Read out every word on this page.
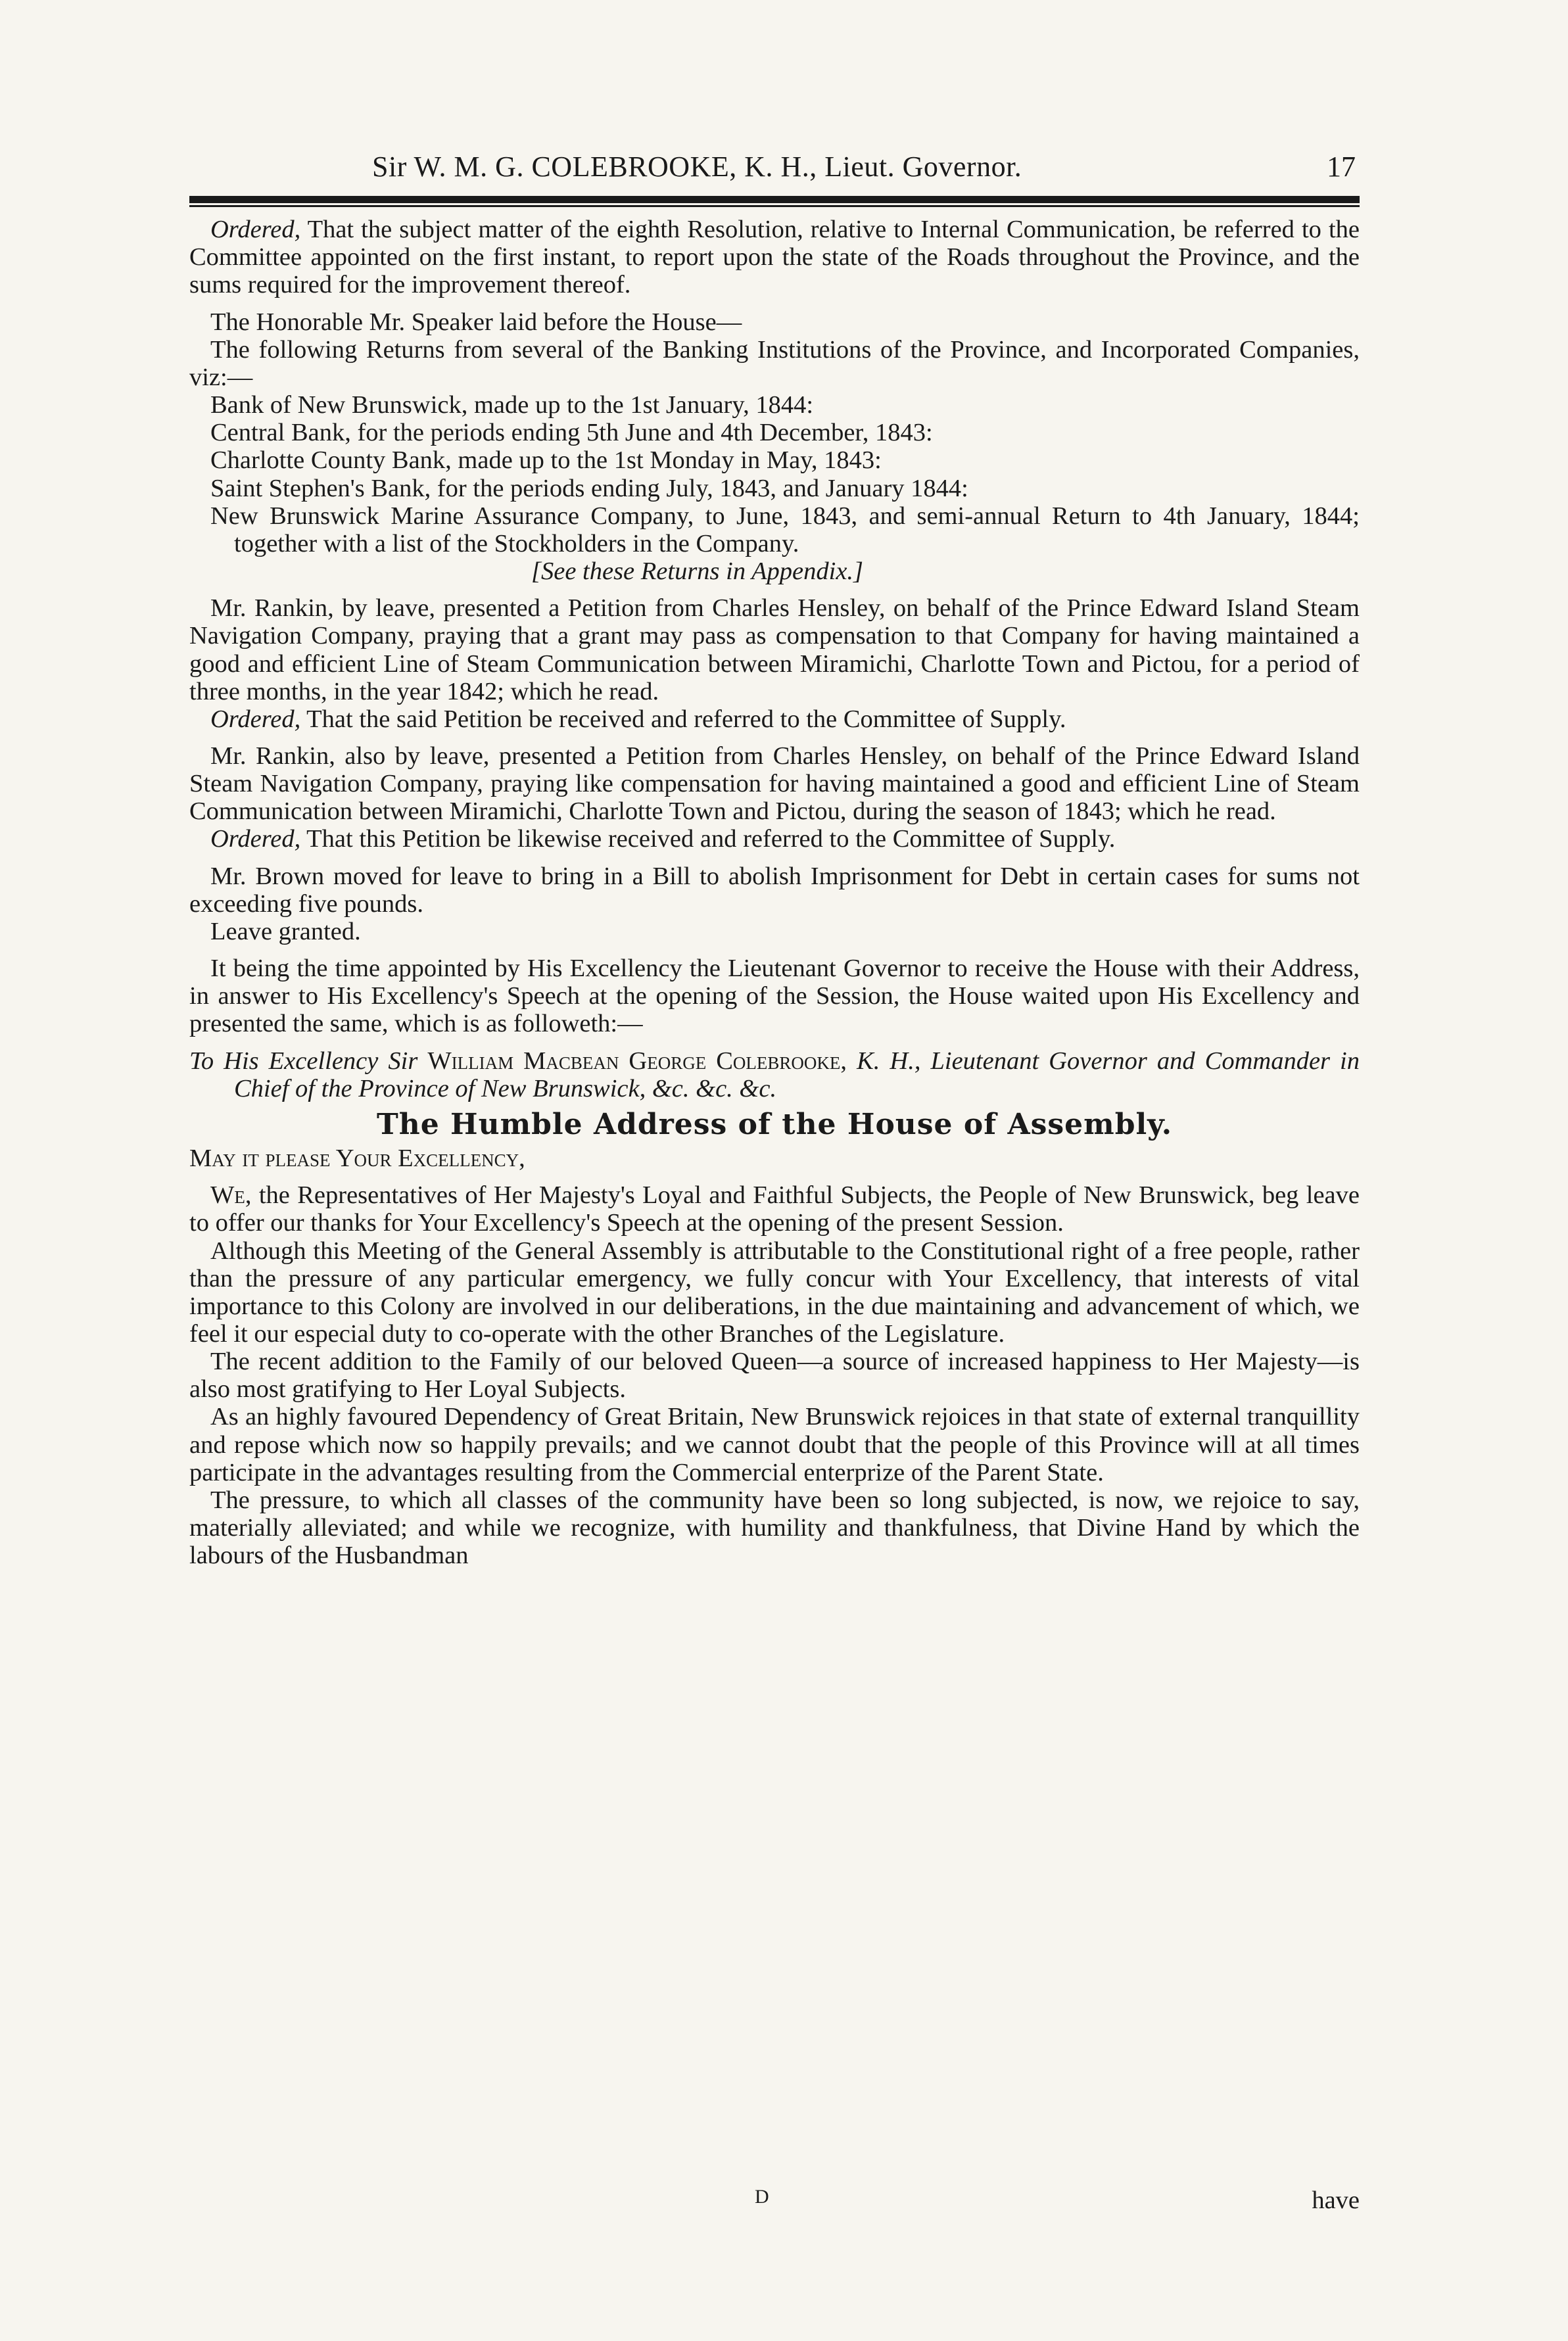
Sir W. M. G. COLEBROOKE, K. H., Lieut. Governor.	17

Ordered, That the subject matter of the eighth Resolution, relative to Internal Communication, be referred to the Committee appointed on the first instant, to report upon the state of the Roads throughout the Province, and the sums required for the improvement thereof.

The Honorable Mr. Speaker laid before the House—

The following Returns from several of the Banking Institutions of the Province, and Incorporated Companies, viz:—

Bank of New Brunswick, made up to the 1st January, 1844:

Central Bank, for the periods ending 5th June and 4th December, 1843:

Charlotte County Bank, made up to the 1st Monday in May, 1843:

Saint Stephen's Bank, for the periods ending July, 1843, and January 1844:

New Brunswick Marine Assurance Company, to June, 1843, and semi-annual Return to 4th January, 1844; together with a list of the Stockholders in the Company.

[See these Returns in Appendix.]

Mr. Rankin, by leave, presented a Petition from Charles Hensley, on behalf of the Prince Edward Island Steam Navigation Company, praying that a grant may pass as compensation to that Company for having maintained a good and efficient Line of Steam Communication between Miramichi, Charlotte Town and Pictou, for a period of three months, in the year 1842; which he read.

Ordered, That the said Petition be received and referred to the Committee of Supply.

Mr. Rankin, also by leave, presented a Petition from Charles Hensley, on behalf of the Prince Edward Island Steam Navigation Company, praying like compensation for having maintained a good and efficient Line of Steam Communication between Miramichi, Charlotte Town and Pictou, during the season of 1843; which he read.

Ordered, That this Petition be likewise received and referred to the Committee of Supply.

Mr. Brown moved for leave to bring in a Bill to abolish Imprisonment for Debt in certain cases for sums not exceeding five pounds.

Leave granted.

It being the time appointed by His Excellency the Lieutenant Governor to receive the House with their Address, in answer to His Excellency's Speech at the opening of the Session, the House waited upon His Excellency and presented the same, which is as followeth:—

To His Excellency Sir William Macbean George Colebrooke, K. H., Lieutenant Governor and Commander in Chief of the Province of New Brunswick, &c. &c. &c.

The Humble Address of the House of Assembly.

May it please Your Excellency,

We, the Representatives of Her Majesty's Loyal and Faithful Subjects, the People of New Brunswick, beg leave to offer our thanks for Your Excellency's Speech at the opening of the present Session.

Although this Meeting of the General Assembly is attributable to the Constitutional right of a free people, rather than the pressure of any particular emergency, we fully concur with Your Excellency, that interests of vital importance to this Colony are involved in our deliberations, in the due maintaining and advancement of which, we feel it our especial duty to co-operate with the other Branches of the Legislature.

The recent addition to the Family of our beloved Queen—a source of increased happiness to Her Majesty—is also most gratifying to Her Loyal Subjects.

As an highly favoured Dependency of Great Britain, New Brunswick rejoices in that state of external tranquillity and repose which now so happily prevails; and we cannot doubt that the people of this Province will at all times participate in the advantages resulting from the Commercial enterprize of the Parent State.

The pressure, to which all classes of the community have been so long subjected, is now, we rejoice to say, materially alleviated; and while we recognize, with humility and thankfulness, that Divine Hand by which the labours of the Husbandman

D	have
